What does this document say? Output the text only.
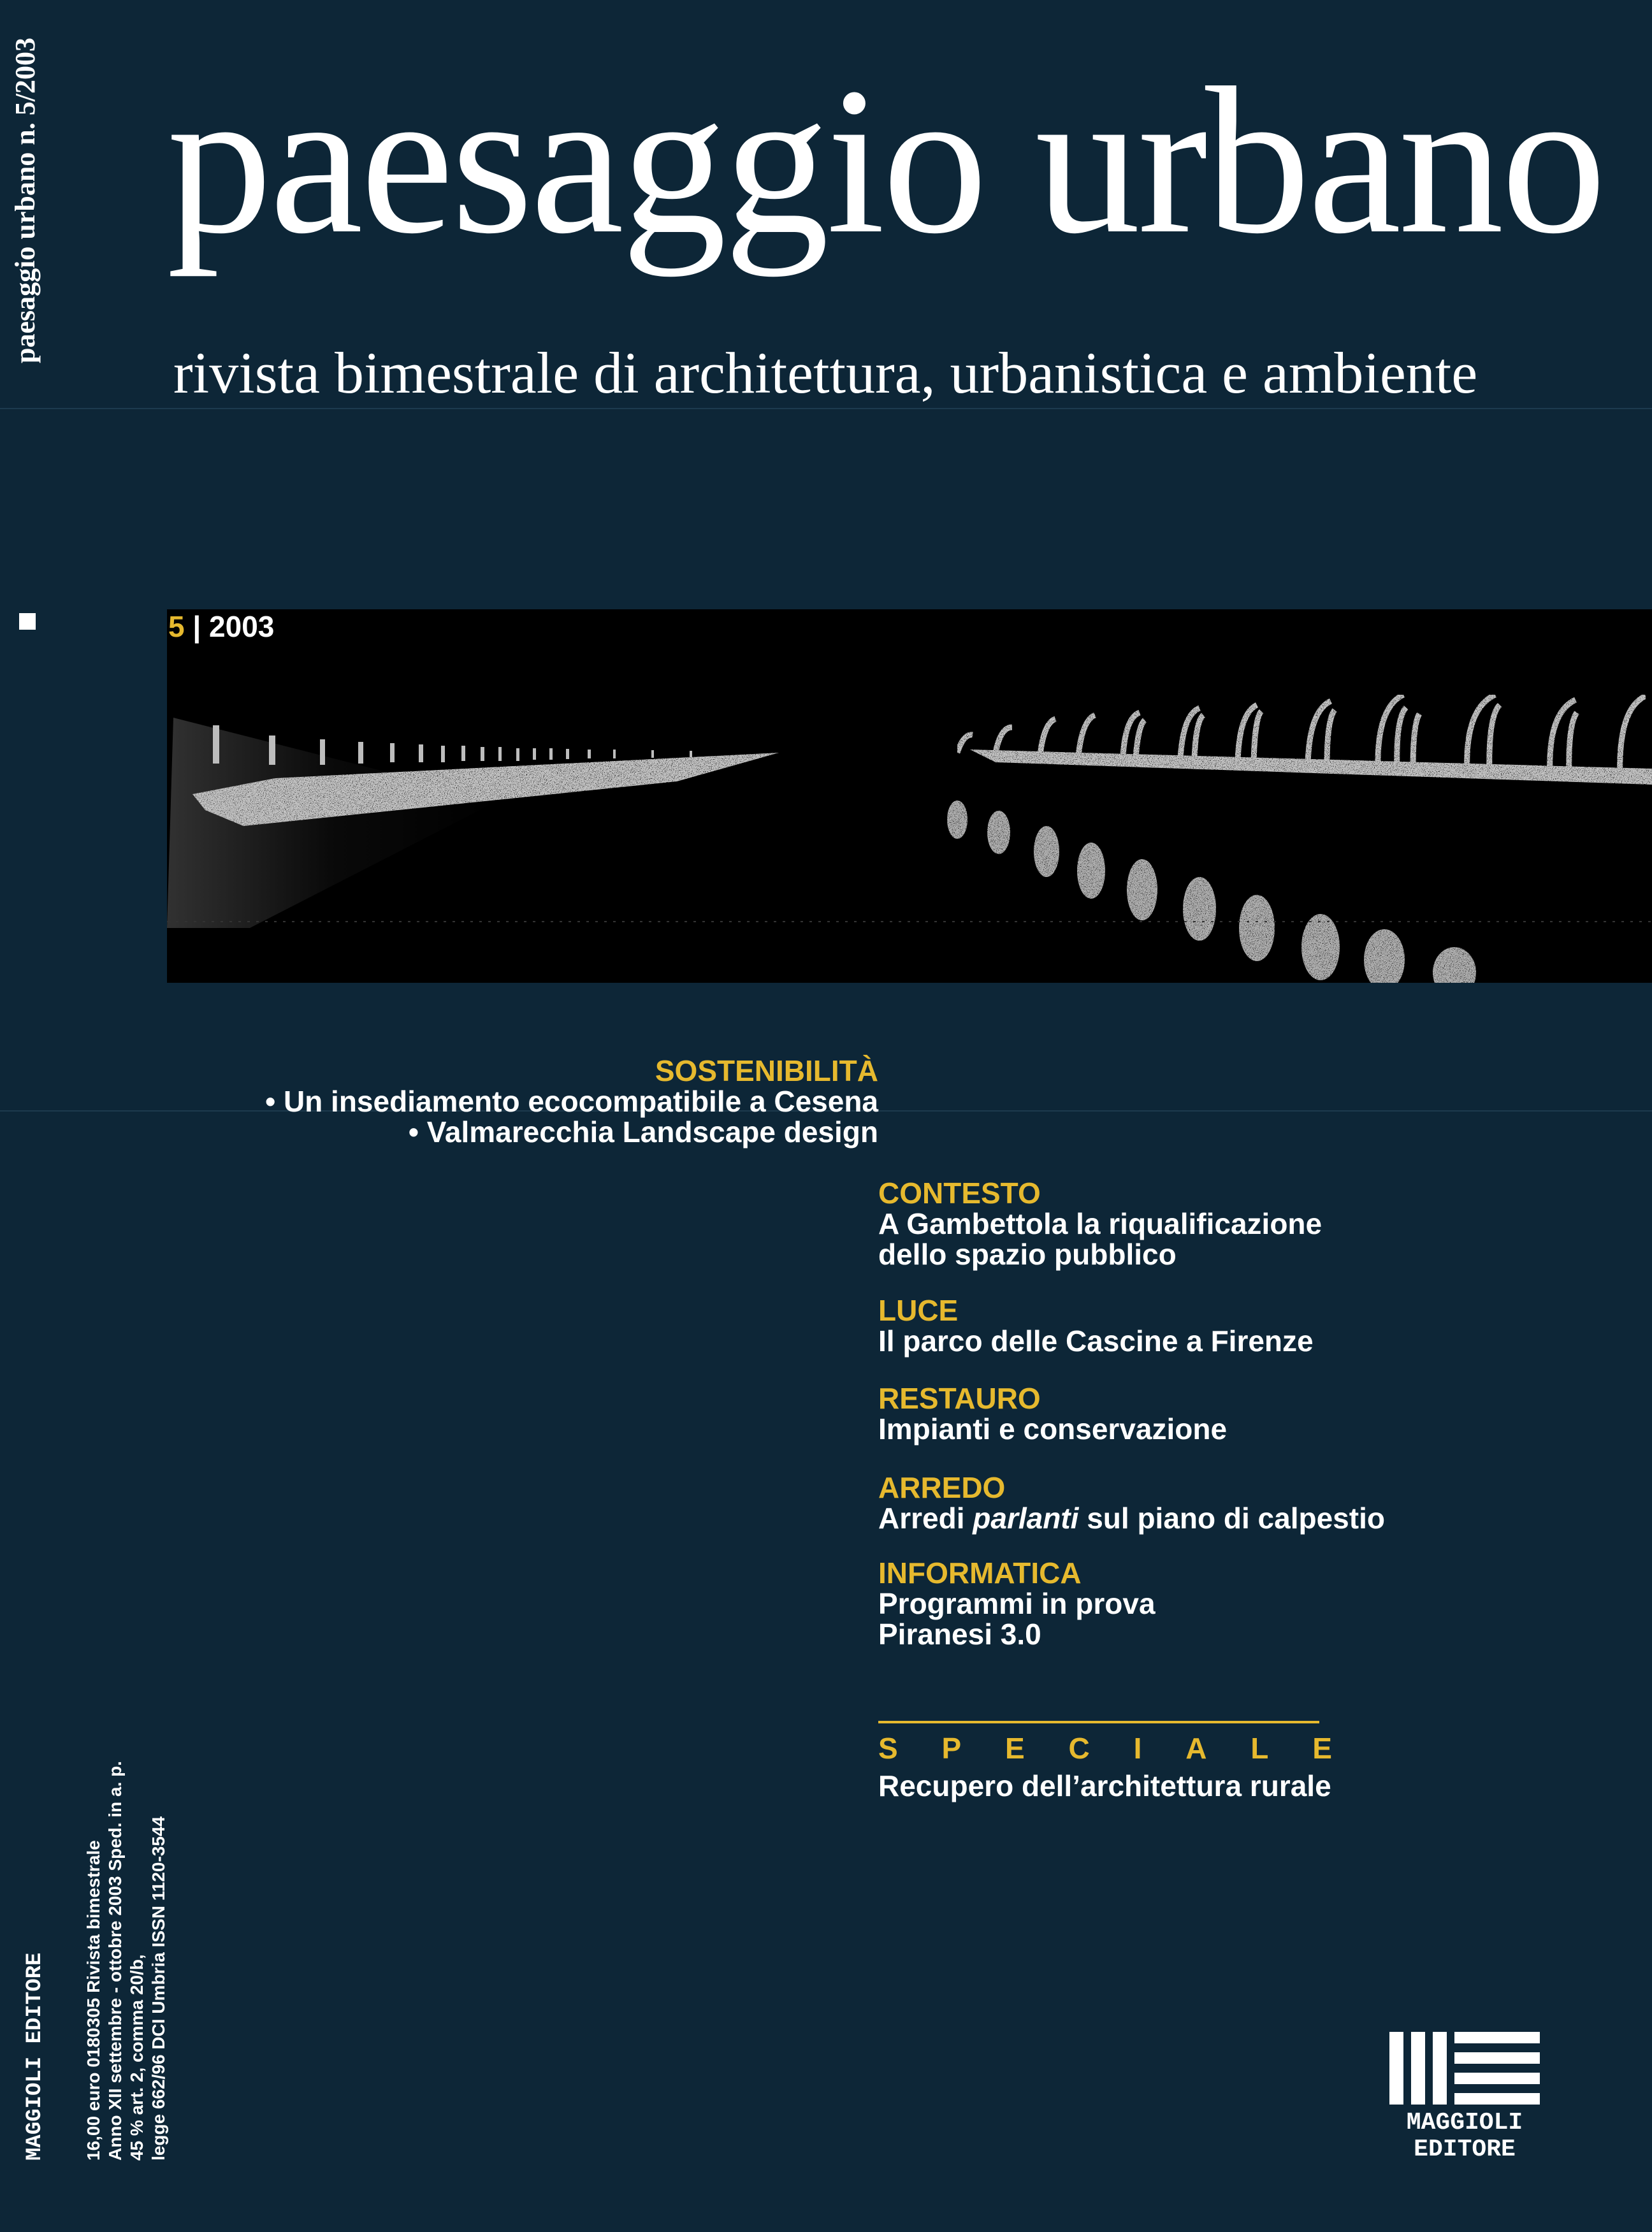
paesaggio urbano n. 5/2003 paesaggio urbano
rivista bimestrale di architettura, urbanistica e ambiente
5 | 2003
SOSTENIBILITÀ
• Un insediamento ecocompatibile a Cesena
• Valmarecchia Landscape design
CONTESTO
A Gambettola la riqualificazione
dello spazio pubblico
LUCE
Il parco delle Cascine a Firenze
RESTAURO
Impianti e conservazione
ARREDO
Arredi parlanti sul piano di calpestio
INFORMATICA
Programmi in prova
Piranesi 3.0
S P E C I A L E
Recupero dell’architettura rurale
MAGGIOLI EDITORE 16,00 euro 0180305 Rivista bimestrale Anno XII settembre - ottobre 2003 Sped. in a. p. 45 % art. 2, comma 20/b, legge 662/96 DCI Umbria ISSN 1120-3544	MAGGIOLI
EDITORE
